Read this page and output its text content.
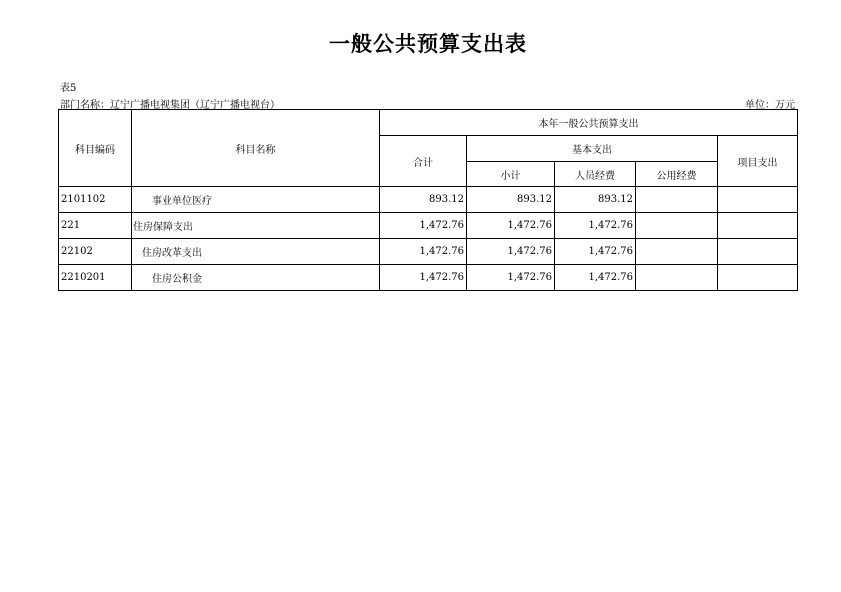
一般公共预算支出表
表5
部门名称：辽宁广播电视集团（辽宁广播电视台）	单位：万元
科目编码	科目名称	本年一般公共预算支出				
		合计	基本支出			项目支出
			小计	人员经费	公用经费	
2101102	事业单位医疗	893.12	893.12	893.12		
221	住房保障支出	1,472.76	1,472.76	1,472.76		
22102	住房改革支出	1,472.76	1,472.76	1,472.76		
2210201	住房公积金	1,472.76	1,472.76	1,472.76		
